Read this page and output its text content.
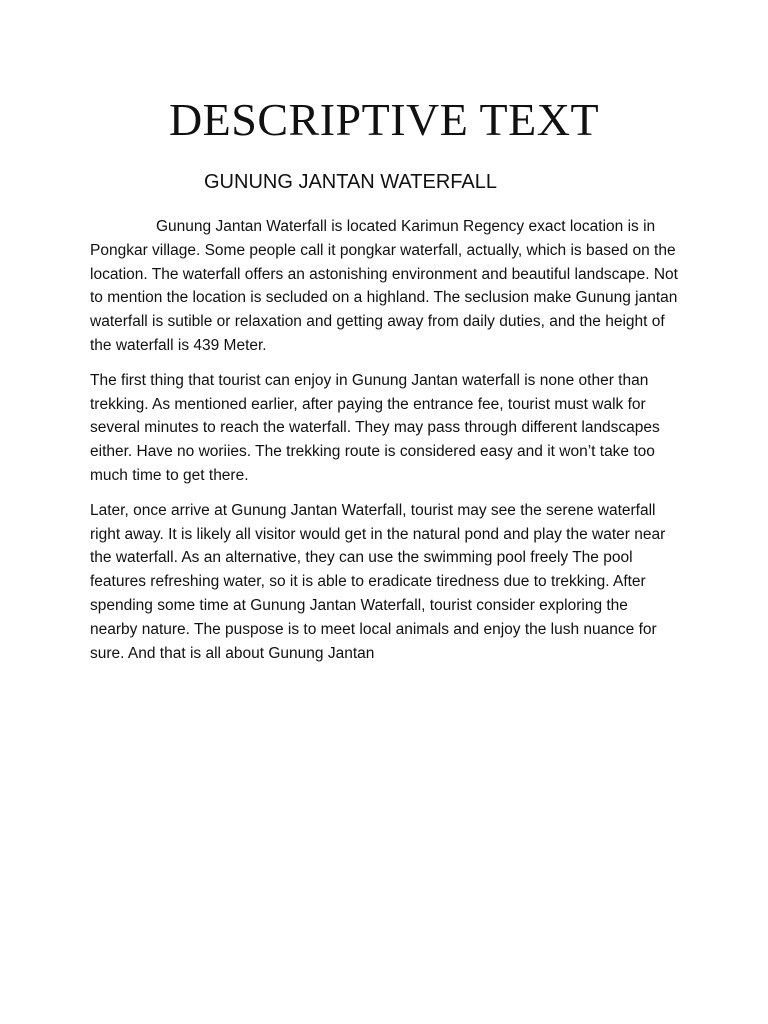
DESCRIPTIVE TEXT
GUNUNG JANTAN WATERFALL

Gunung Jantan Waterfall is located Karimun Regency exact location is in Pongkar village. Some people call it pongkar waterfall, actually, which is based on the location. The waterfall offers an astonishing environment and beautiful landscape. Not to mention the location is secluded on a highland. The seclusion make Gunung jantan waterfall is sutible or relaxation and getting away from daily duties, and the height of the waterfall is 439 Meter.

The first thing that tourist can enjoy in Gunung Jantan waterfall is none other than trekking. As mentioned earlier, after paying the entrance fee, tourist must walk for several minutes to reach the waterfall. They may pass through different landscapes either. Have no woriies. The trekking route is considered easy and it won’t take too much time to get there.

Later, once arrive at Gunung Jantan Waterfall, tourist may see the serene waterfall right away. It is likely all visitor would get in the natural pond and play the water near the waterfall. As an alternative, they can use the swimming pool freely The pool features refreshing water, so it is able to eradicate tiredness due to trekking. After spending some time at Gunung Jantan Waterfall, tourist consider exploring the nearby nature. The puspose is to meet local animals and enjoy the lush nuance for sure. And that is all about Gunung Jantan
